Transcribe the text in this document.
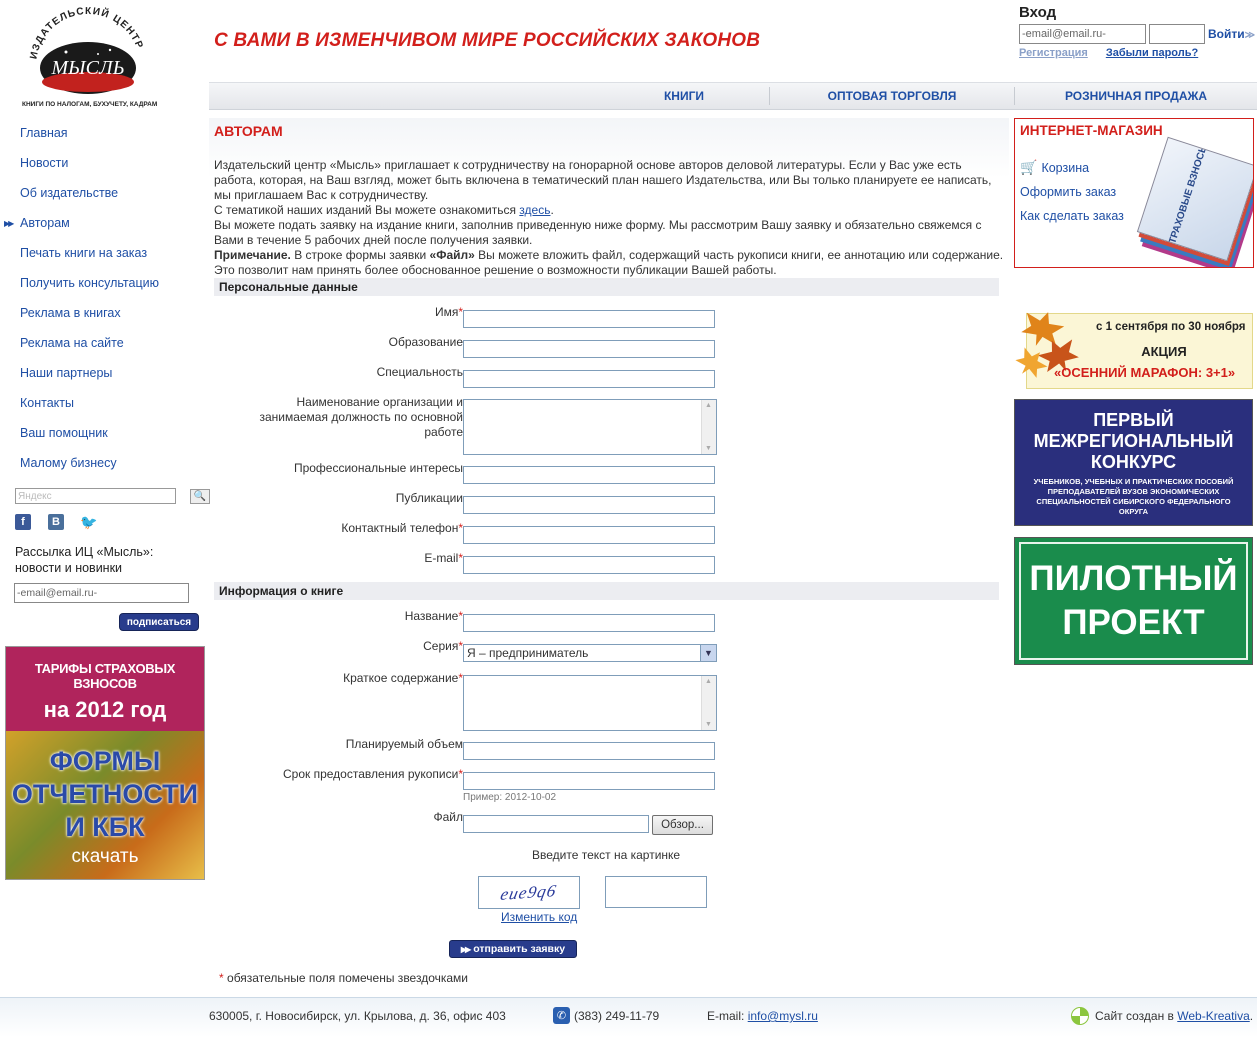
ИЗДАТЕЛЬСКИЙ ЦЕНТР
МЫСЛЬ
КНИГИ ПО НАЛОГАМ, БУХУЧЕТУ, КАДРАМ
С ВАМИ В ИЗМЕНЧИВОМ МИРЕ РОССИЙСКИХ ЗАКОНОВ
Вход
-email@email.ru-
Войти≫
Регистрация Забыли пароль?
КНИГИ	ОПТОВАЯ ТОРГОВЛЯ	РОЗНИЧНАЯ ПРОДАЖА
Главная
Новости
Об издательстве
▶▶ Авторам
Печать книги на заказ
Получить консультацию
Реклама в книгах
Реклама на сайте
Наши партнеры
Контакты
Ваш помощник
Малому бизнесу
Яндекс
🔍
f	B 🐦
Рассылка ИЦ «Мысль»: новости и новинки
-email@email.ru-
подписаться
ТАРИФЫ СТРАХОВЫХ ВЗНОСОВ
на 2012 год
ФОРМЫ
ОТЧЕТНОСТИ
И КБК
скачать
АВТОРАМ
Издательский центр «Мысль» приглашает к сотрудничеству на гонорарной основе авторов деловой литературы. Если у Вас уже есть работа, которая, на Ваш взгляд, может быть включена в тематический план нашего Издательства, или Вы только планируете ее написать, мы приглашаем Вас к сотрудничеству.
С тематикой наших изданий Вы можете ознакомиться здесь.
Вы можете подать заявку на издание книги, заполнив приведенную ниже форму. Мы рассмотрим Вашу заявку и обязательно свяжемся с Вами в течение 5 рабочих дней после получения заявки.
Примечание. В строке формы заявки «Файл» Вы можете вложить файл, содержащий часть рукописи книги, ее аннотацию или содержание. Это позволит нам принять более обоснованное решение о возможности публикации Вашей работы.
Персональные данные
Имя*
Образование
Специальность
Наименование организации и занимаемая должность по основной работе
▲ ▼
Профессиональные интересы
Публикации
Контактный телефон*
E-mail*
Информация о книге
Название*
Серия* Я – предприниматель	▼
Краткое содержание*
▲ ▼
Планируемый объем
Срок предоставления рукописи*
Пример: 2012-10-02
Файл
Обзор...
Введите текст на картинке
eue9q6
Изменить код
▶▶ отправить заявку
* обязательные поля помечены звездочками
СТРАХОВЫЕ ВЗНОСЫ
ИНТЕРНЕТ-МАГАЗИН
🛒 Корзина
Оформить заказ
Как сделать заказ
с 1 сентября по 30 ноября
АКЦИЯ
«ОСЕННИЙ МАРАФОН: 3+1»
ПЕРВЫЙ
МЕЖРЕГИОНАЛЬНЫЙ
КОНКУРС
УЧЕБНИКОВ, УЧЕБНЫХ И ПРАКТИЧЕСКИХ ПОСОБИЙ ПРЕПОДАВАТЕЛЕЙ ВУЗОВ ЭКОНОМИЧЕСКИХ СПЕЦИАЛЬНОСТЕЙ СИБИРСКОГО ФЕДЕРАЛЬНОГО ОКРУГА
ПИЛОТНЫЙ
ПРОЕКТ
630005, г. Новосибирск, ул. Крылова, д. 36, офис 403	✆ (383) 249-11-79	E-mail: info@mysl.ru	Сайт создан в Web-Kreativa.
